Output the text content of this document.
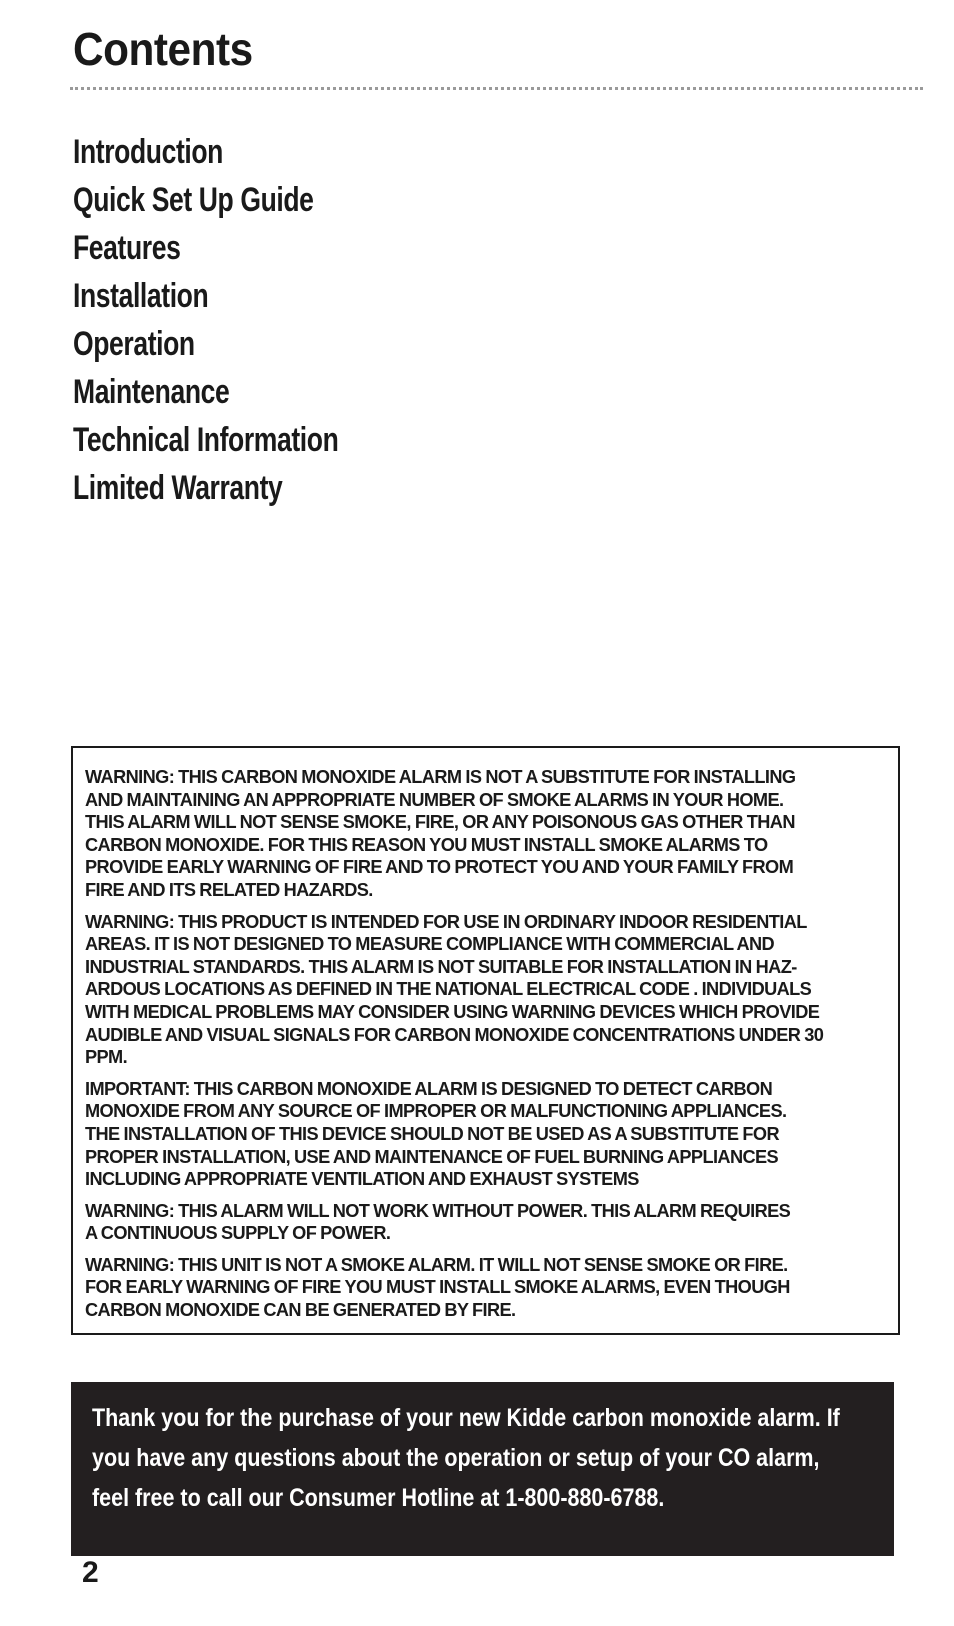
Contents
Introduction
Quick Set Up Guide
Features
Installation
Operation
Maintenance
Technical Information
Limited Warranty

WARNING: THIS CARBON MONOXIDE ALARM IS NOT A SUBSTITUTE FOR INSTALLING
AND MAINTAINING AN APPROPRIATE NUMBER OF SMOKE ALARMS IN YOUR HOME.
THIS ALARM WILL NOT SENSE SMOKE, FIRE, OR ANY POISONOUS GAS OTHER THAN
CARBON MONOXIDE. FOR THIS REASON YOU MUST INSTALL SMOKE ALARMS TO
PROVIDE EARLY WARNING OF FIRE AND TO PROTECT YOU AND YOUR FAMILY FROM
FIRE AND ITS RELATED HAZARDS.

WARNING: THIS PRODUCT IS INTENDED FOR USE IN ORDINARY INDOOR RESIDENTIAL
AREAS. IT IS NOT DESIGNED TO MEASURE COMPLIANCE WITH COMMERCIAL AND
INDUSTRIAL STANDARDS. THIS ALARM IS NOT SUITABLE FOR INSTALLATION IN HAZ-
ARDOUS LOCATIONS AS DEFINED IN THE NATIONAL ELECTRICAL CODE . INDIVIDUALS
WITH MEDICAL PROBLEMS MAY CONSIDER USING WARNING DEVICES WHICH PROVIDE
AUDIBLE AND VISUAL SIGNALS FOR CARBON MONOXIDE CONCENTRATIONS UNDER 30
PPM.

IMPORTANT: THIS CARBON MONOXIDE ALARM IS DESIGNED TO DETECT CARBON
MONOXIDE FROM ANY SOURCE OF IMPROPER OR MALFUNCTIONING APPLIANCES.
THE INSTALLATION OF THIS DEVICE SHOULD NOT BE USED AS A SUBSTITUTE FOR
PROPER INSTALLATION, USE AND MAINTENANCE OF FUEL BURNING APPLIANCES
INCLUDING APPROPRIATE VENTILATION AND EXHAUST SYSTEMS

WARNING: THIS ALARM WILL NOT WORK WITHOUT POWER. THIS ALARM REQUIRES
A CONTINUOUS SUPPLY OF POWER.

WARNING: THIS UNIT IS NOT A SMOKE ALARM. IT WILL NOT SENSE SMOKE OR FIRE.
FOR EARLY WARNING OF FIRE YOU MUST INSTALL SMOKE ALARMS, EVEN THOUGH
CARBON MONOXIDE CAN BE GENERATED BY FIRE.

Thank you for the purchase of your new Kidde carbon monoxide alarm. If
you have any questions about the operation or setup of your CO alarm,
feel free to call our Consumer Hotline at 1-800-880-6788.

2
